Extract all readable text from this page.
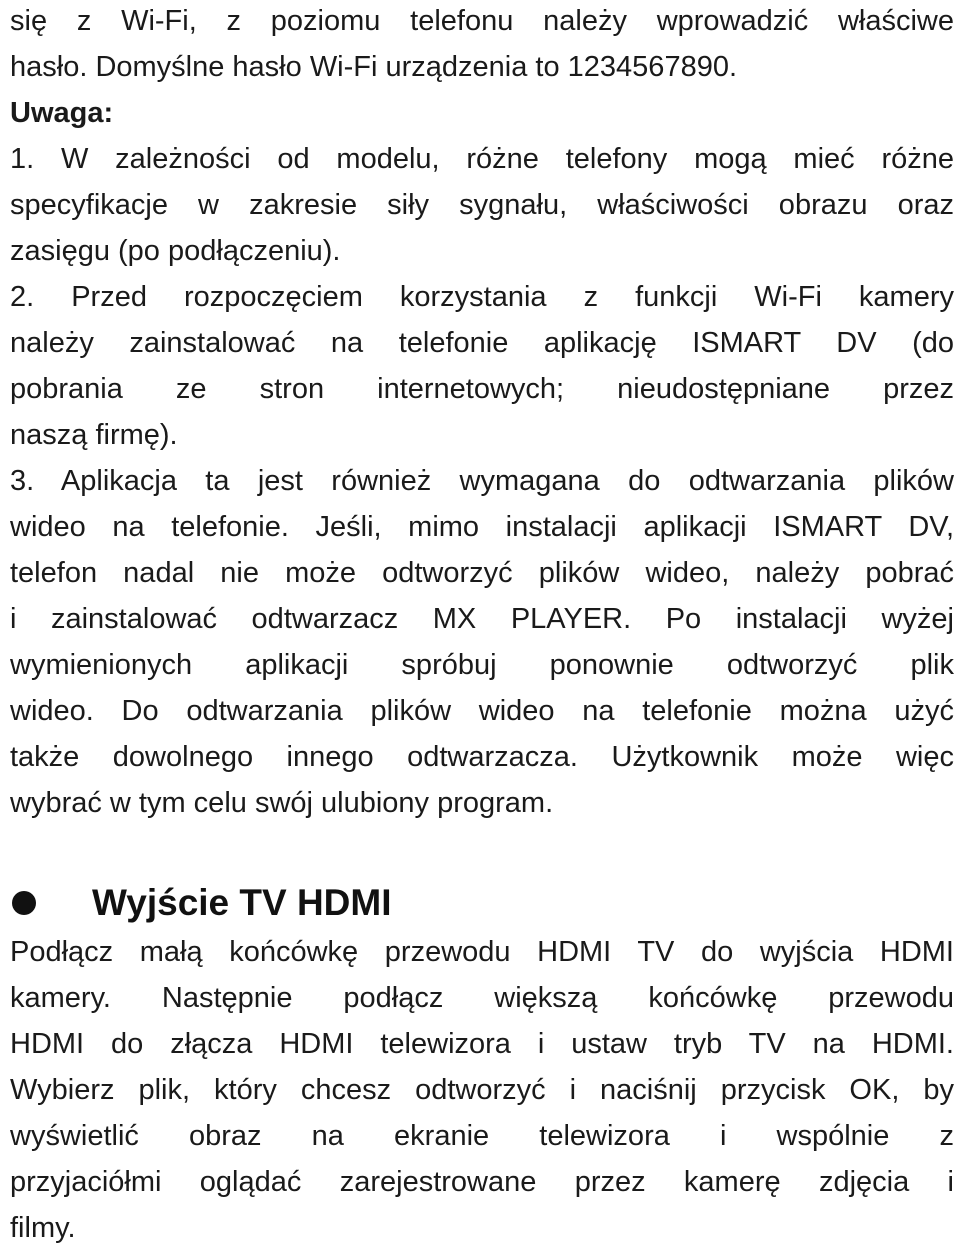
się z Wi-Fi, z poziomu telefonu należy wprowadzić właściwe
hasło. Domyślne hasło Wi-Fi urządzenia to 1234567890.
Uwaga:
1. W zależności od modelu, różne telefony mogą mieć różne
specyfikacje w zakresie siły sygnału, właściwości obrazu oraz
zasięgu (po podłączeniu).
2. Przed rozpoczęciem korzystania z funkcji Wi-Fi kamery
należy zainstalować na telefonie aplikację ISMART DV (do
pobrania ze stron internetowych; nieudostępniane przez
naszą firmę).
3. Aplikacja ta jest również wymagana do odtwarzania plików
wideo na telefonie. Jeśli, mimo instalacji aplikacji ISMART DV,
telefon nadal nie może odtworzyć plików wideo, należy pobrać
i zainstalować odtwarzacz MX PLAYER. Po instalacji wyżej
wymienionych aplikacji spróbuj ponownie odtworzyć plik
wideo. Do odtwarzania plików wideo na telefonie można użyć
także dowolnego innego odtwarzacza. Użytkownik może więc
wybrać w tym celu swój ulubiony program.
Wyjście TV HDMI
Podłącz małą końcówkę przewodu HDMI TV do wyjścia HDMI
kamery. Następnie podłącz większą końcówkę przewodu
HDMI do złącza HDMI telewizora i ustaw tryb TV na HDMI.
Wybierz plik, który chcesz odtworzyć i naciśnij przycisk OK, by
wyświetlić obraz na ekranie telewizora i wspólnie z
przyjaciółmi oglądać zarejestrowane przez kamerę zdjęcia i
filmy.
